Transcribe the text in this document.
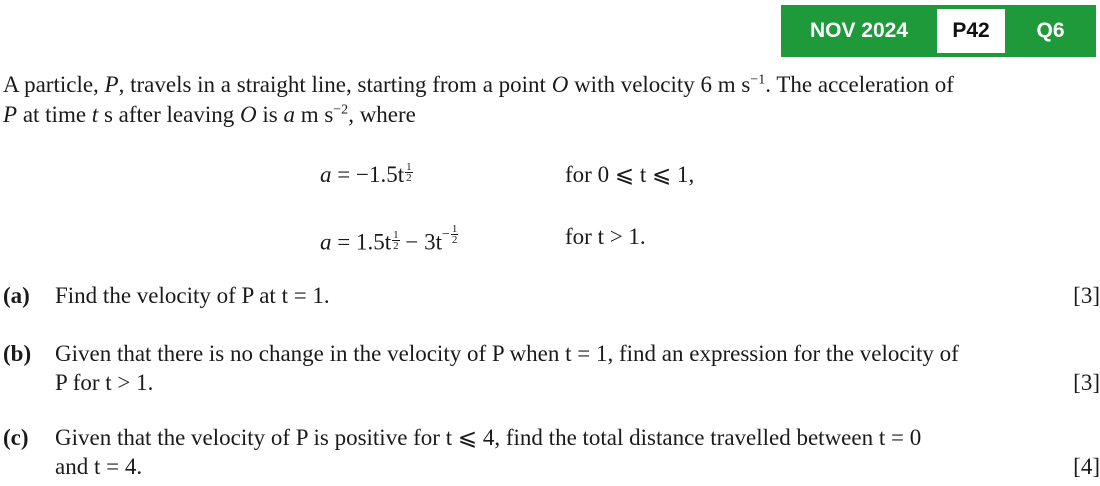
NOV 2024	P42	Q6

A particle, P, travels in a straight line, starting from a point O with velocity 6 m $s^{-1}$. The acceleration of

P at time t s after leaving O is a m $s^{-2}$, where

$a = -1.5t \frac{1}{2}$	for 0 ⩽ t ⩽ 1,
$a = 1.5t \frac{1}{2} - 3t - \frac{1}{2}$	for t > 1.
(a) Find the velocity of P at t = 1.	[3]
(b) Given that there is no change in the velocity of P when t = 1, find an expression for the velocity of
P for t > 1.	[3]
(c) Given that the velocity of P is positive for t ⩽ 4, find the total distance travelled between t = 0
and t = 4.	[4]
